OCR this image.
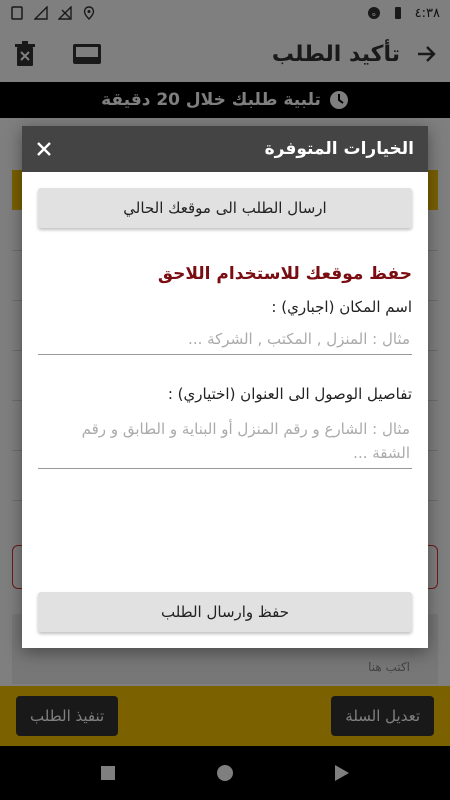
الخيارات المتوفرة
ارسال الطلب الى موقعك الحالي
حفظ موقعك للاستخدام اللاحق
اسم المكان (اجباري) :
مثال : المنزل , المكتب , الشركة ...
تفاصيل الوصول الى العنوان (اختياري) :
مثال : الشارع و رقم المنزل أو البناية و الطابق و رقم الشقة ...
حفظ وارسال الطلب
